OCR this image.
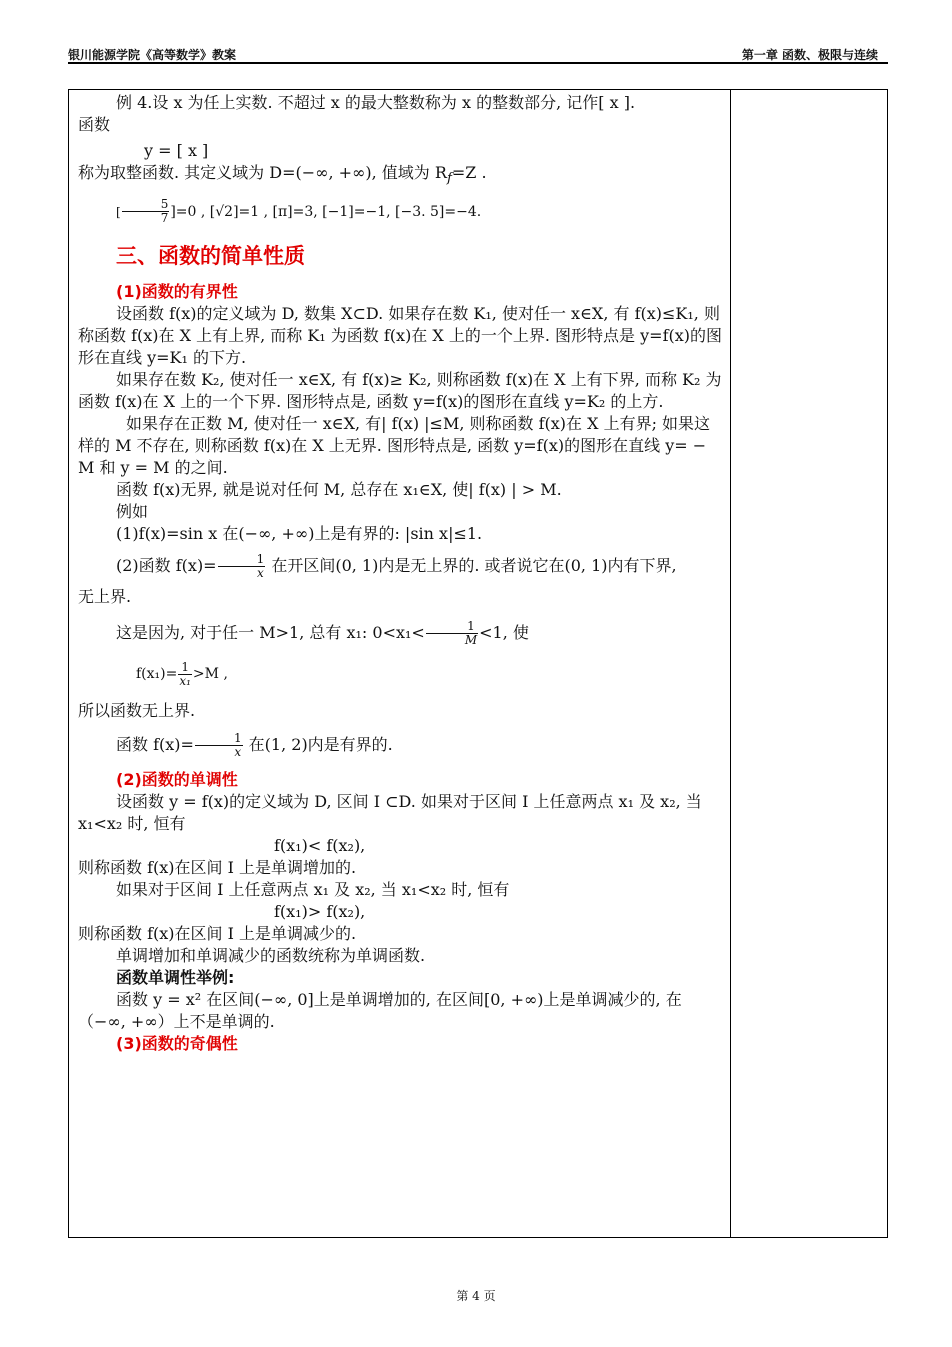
银川能源学院《高等数学》教案	第一章 函数、极限与连续

例 4.设 x 为任上实数. 不超过 x 的最大整数称为 x 的整数部分, 记作[ x ].

函数

y = [ x ]

称为取整函数. 其定义域为 D=(−∞, +∞), 值域为 $R_f=Z$ .

[ $\frac{5}{7} ]=0$ , [√2]=1 , [π]=3, [−1]=−1, [−3. 5]=−4.

三、函数的简单性质

(1)函数的有界性

设函数 f(x)的定义域为 D, 数集 X⊂D. 如果存在数 K₁, 使对任一 x∈X, 有 f(x)≤K₁, 则称函数 f(x)在 X 上有上界, 而称 K₁ 为函数 f(x)在 X 上的一个上界. 图形特点是 y=f(x)的图形在直线 y=K₁ 的下方.

如果存在数 K₂, 使对任一 x∈X, 有 f(x)≥ K₂, 则称函数 f(x)在 X 上有下界, 而称 K₂ 为函数 f(x)在 X 上的一个下界. 图形特点是, 函数 y=f(x)的图形在直线 y=K₂ 的上方.

如果存在正数 M, 使对任一 x∈X, 有| f(x) |≤M, 则称函数 f(x)在 X 上有界; 如果这样的 M 不存在, 则称函数 f(x)在 X 上无界. 图形特点是, 函数 y=f(x)的图形在直线 y= − M 和 y = M 的之间.

函数 f(x)无界, 就是说对任何 M, 总存在 x₁∈X, 使| f(x) | > M.

例如

(1)f(x)=sin x 在(−∞, +∞)上是有界的: |sin x|≤1.

(2)函数 $f(x)= \frac{1}{x}$ 在开区间(0, 1)内是无上界的. 或者说它在(0, 1)内有下界,

无上界.

这是因为, 对于任一 M>1, 总有 x₁: $0<x_1< \frac{1}{M} <1$, 使

$f(x_1)= \frac{1}{\text{x₁}} >M$ ,

所以函数无上界.

函数 $f(x)= \frac{1}{x}$ 在(1, 2)内是有界的.

(2)函数的单调性

设函数 y = f(x)的定义域为 D, 区间 I ⊂D. 如果对于区间 I 上任意两点 x₁ 及 x₂, 当 x₁<x₂ 时, 恒有

f(x₁)< f(x₂),

则称函数 f(x)在区间 I 上是单调增加的.

如果对于区间 I 上任意两点 x₁ 及 x₂, 当 x₁<x₂ 时, 恒有

f(x₁)> f(x₂),

则称函数 f(x)在区间 I 上是单调减少的.

单调增加和单调减少的函数统称为单调函数.

函数单调性举例:

函数 y = x² 在区间(−∞, 0]上是单调增加的, 在区间[0, +∞)上是单调减少的, 在（−∞, +∞）上不是单调的.

(3)函数的奇偶性

第 4 页
